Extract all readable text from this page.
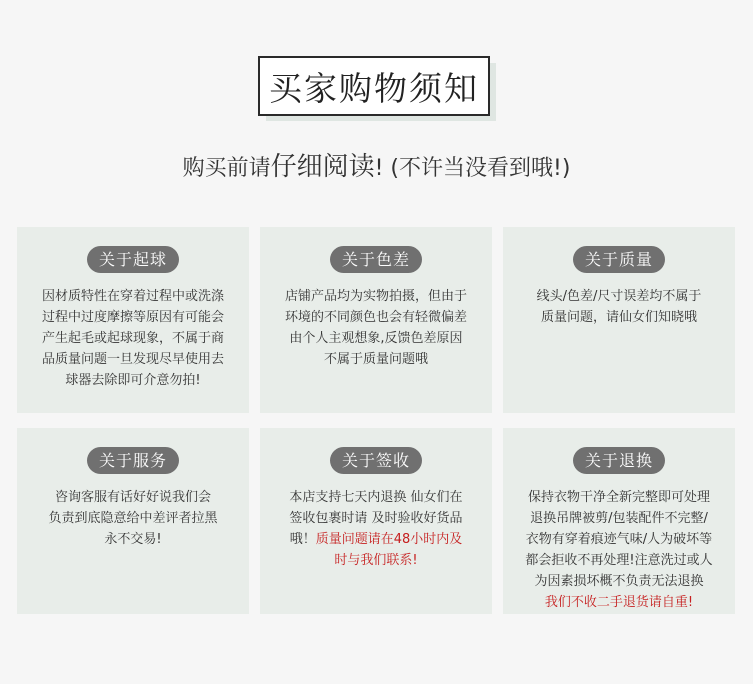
买家购物须知
购买前请仔细阅读! (不许当没看到哦!)
关于起球
因材质特性在穿着过程中或洗涤
过程中过度摩擦等原因有可能会
产生起毛或起球现象，不属于商
品质量问题一旦发现尽早使用去
球器去除即可介意勿拍!
关于色差
店铺产品均为实物拍摄，但由于
环境的不同颜色也会有轻微偏差
由个人主观想象,反馈色差原因
不属于质量问题哦
关于质量
线头/色差/尺寸误差均不属于
质量问题，请仙女们知晓哦
关于服务
咨询客服有话好好说我们会
负责到底隐意给中差评者拉黑
永不交易!
关于签收
本店支持七天内退换 仙女们在
签收包裹时请 及时验收好货品
哦！质量问题请在48小时内及
时与我们联系!
关于退换
保持衣物干净全新完整即可处理
退换吊牌被剪/包装配件不完整/
衣物有穿着痕迹气味/人为破坏等
都会拒收不再处理!注意洗过或人
为因素损坏概不负责无法退换
我们不收二手退货请自重!
